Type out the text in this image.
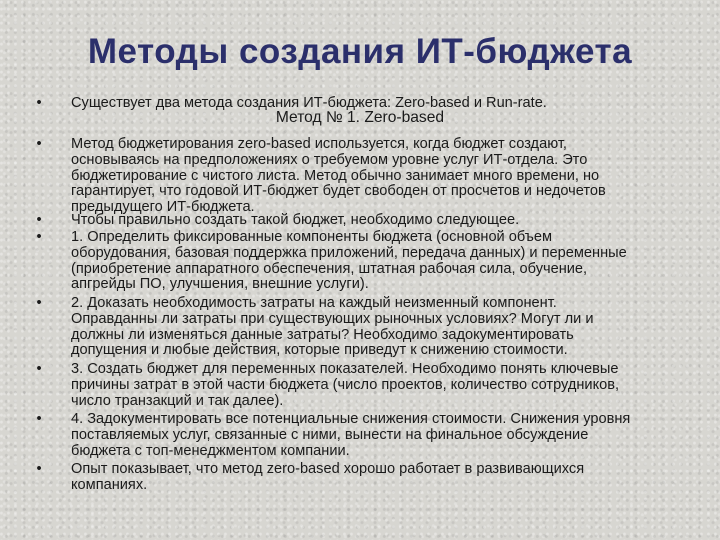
Методы создания ИТ-бюджета
• Существует два метода создания ИТ-бюджета: Zero-based и Run-rate.
Метод № 1. Zero-based
• Метод бюджетирования zero-based используется, когда бюджет создают,
основываясь на предположениях о требуемом уровне услуг ИТ-отдела. Это
бюджетирование с чистого листа. Метод обычно занимает много времени, но
гарантирует, что годовой ИТ-бюджет будет свободен от просчетов и недочетов
предыдущего ИТ-бюджета.
• Чтобы правильно создать такой бюджет, необходимо следующее.
• 1. Определить фиксированные компоненты бюджета (основной объем
оборудования, базовая поддержка приложений, передача данных) и переменные
(приобретение аппаратного обеспечения, штатная рабочая сила, обучение,
апгрейды ПО, улучшения, внешние услуги).
• 2. Доказать необходимость затраты на каждый неизменный компонент.
Оправданны ли затраты при существующих рыночных условиях? Могут ли и
должны ли изменяться данные затраты? Необходимо задокументировать
допущения и любые действия, которые приведут к снижению стоимости.
• 3. Создать бюджет для переменных показателей. Необходимо понять ключевые
причины затрат в этой части бюджета (число проектов, количество сотрудников,
число транзакций и так далее).
• 4. Задокументировать все потенциальные снижения стоимости. Снижения уровня
поставляемых услуг, связанные с ними, вынести на финальное обсуждение
бюджета с топ-менеджментом компании.
• Опыт показывает, что метод zero-based хорошо работает в развивающихся
компаниях.
